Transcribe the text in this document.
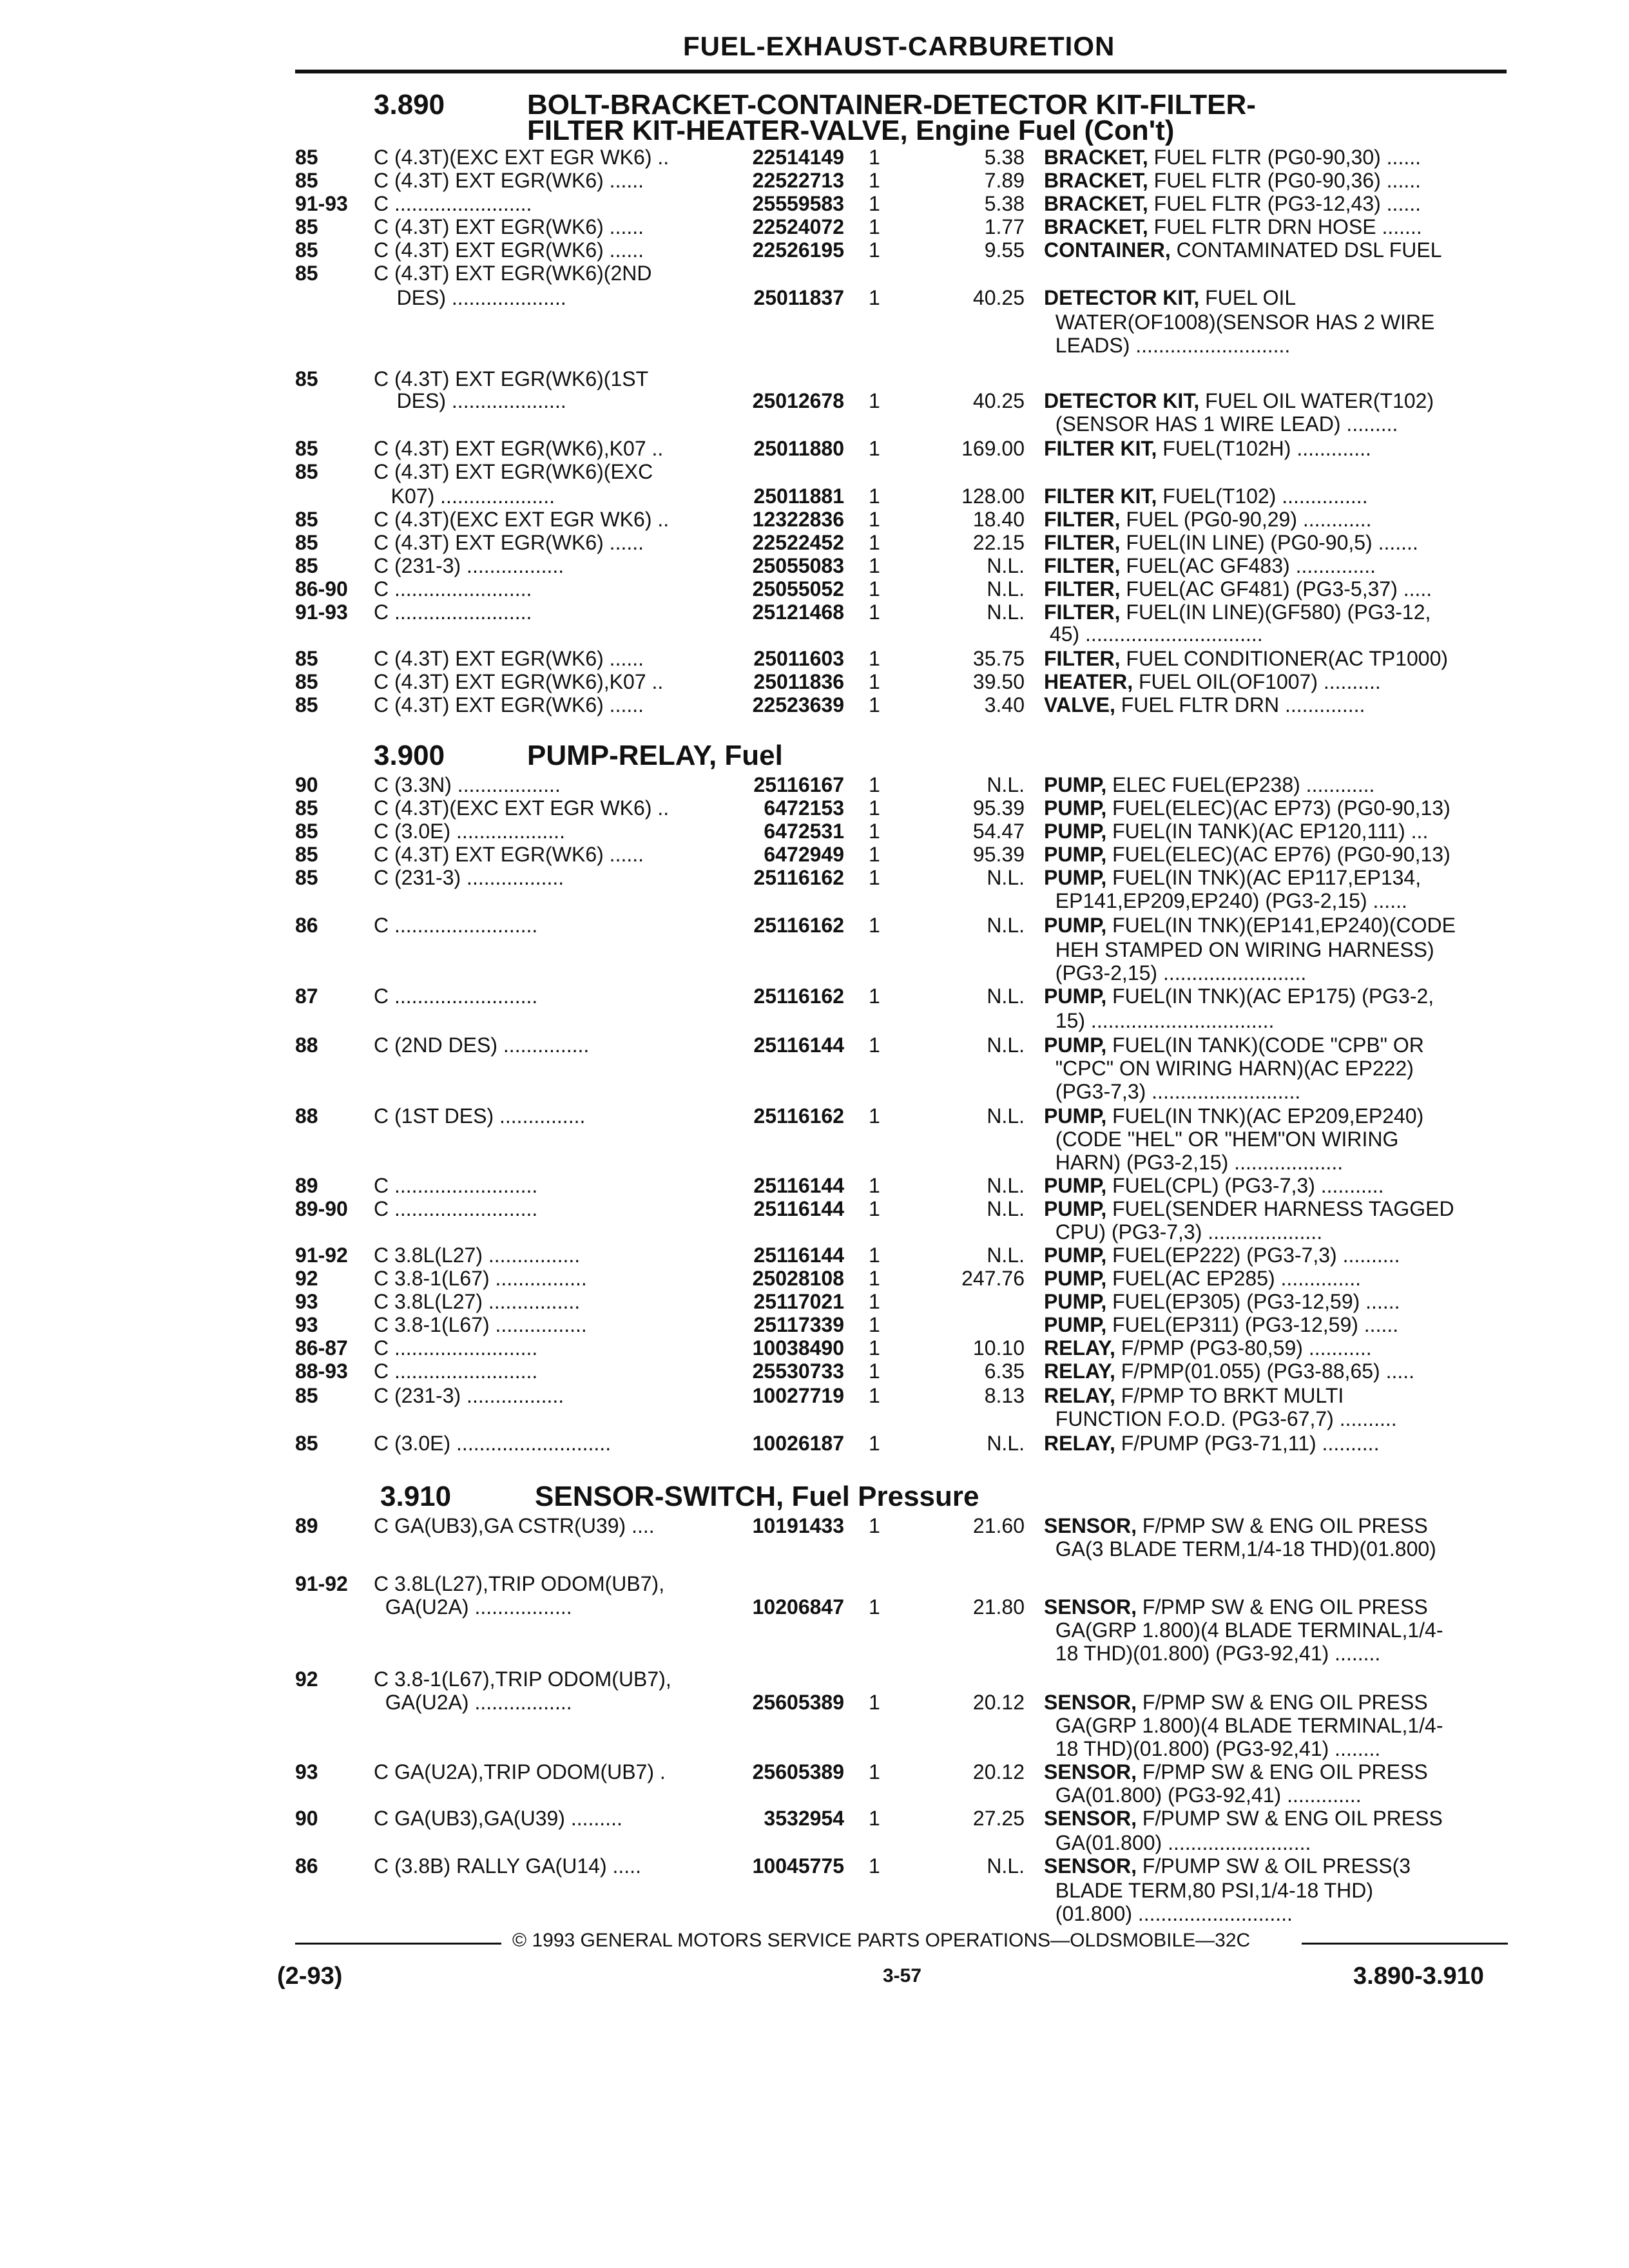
FUEL-EXHAUST-CARBURETION
3.890	BOLT-BRACKET-CONTAINER-DETECTOR KIT-FILTER-
FILTER KIT-HEATER-VALVE, Engine Fuel (Con't)
3.900	PUMP-RELAY, Fuel
3.910	SENSOR-SWITCH, Fuel Pressure
85	C (4.3T)(EXC EXT EGR WK6) ..	22514149 1	5.38 BRACKET, FUEL FLTR (PG0-90,30) ......
85	C (4.3T) EXT EGR(WK6) ......	22522713 1	7.89 BRACKET, FUEL FLTR (PG0-90,36) ......
91-93 C ........................	25559583 1	5.38 BRACKET, FUEL FLTR (PG3-12,43) ......
85	C (4.3T) EXT EGR(WK6) ......	22524072 1	1.77 BRACKET, FUEL FLTR DRN HOSE .......
85	C (4.3T) EXT EGR(WK6) ......	22526195 1	9.55 CONTAINER, CONTAMINATED DSL FUEL
85	C (4.3T) EXT EGR(WK6)(2ND
DES) ....................	25011837 1	40.25 DETECTOR KIT, FUEL OIL
WATER(OF1008)(SENSOR HAS 2 WIRE
LEADS) ...........................
85	C (4.3T) EXT EGR(WK6)(1ST
DES) ....................	25012678 1	40.25 DETECTOR KIT, FUEL OIL WATER(T102)
(SENSOR HAS 1 WIRE LEAD) .........
85	C (4.3T) EXT EGR(WK6),K07 ..	25011880 1	169.00 FILTER KIT, FUEL(T102H) .............
85	C (4.3T) EXT EGR(WK6)(EXC
K07) ....................	25011881 1	128.00 FILTER KIT, FUEL(T102) ...............
85	C (4.3T)(EXC EXT EGR WK6) ..	12322836 1	18.40 FILTER, FUEL (PG0-90,29) ............
85	C (4.3T) EXT EGR(WK6) ......	22522452 1	22.15 FILTER, FUEL(IN LINE) (PG0-90,5) .......
85	C (231-3) .................	25055083 1	N.L. FILTER, FUEL(AC GF483) ..............
86-90 C ........................	25055052 1	N.L. FILTER, FUEL(AC GF481) (PG3-5,37) .....
91-93 C ........................	25121468 1	N.L. FILTER, FUEL(IN LINE)(GF580) (PG3-12,
45) ...............................
85	C (4.3T) EXT EGR(WK6) ......	25011603 1	35.75 FILTER, FUEL CONDITIONER(AC TP1000)
85	C (4.3T) EXT EGR(WK6),K07 ..	25011836 1	39.50 HEATER, FUEL OIL(OF1007) ..........
85	C (4.3T) EXT EGR(WK6) ......	22523639 1	3.40 VALVE, FUEL FLTR DRN ..............
90	C (3.3N) ..................	25116167 1	N.L. PUMP, ELEC FUEL(EP238) ............
85	C (4.3T)(EXC EXT EGR WK6) ..	6472153 1	95.39 PUMP, FUEL(ELEC)(AC EP73) (PG0-90,13)
85	C (3.0E) ...................	6472531 1	54.47 PUMP, FUEL(IN TANK)(AC EP120,111) ...
85	C (4.3T) EXT EGR(WK6) ......	6472949 1	95.39 PUMP, FUEL(ELEC)(AC EP76) (PG0-90,13)
85	C (231-3) .................	25116162 1	N.L. PUMP, FUEL(IN TNK)(AC EP117,EP134,
EP141,EP209,EP240) (PG3-2,15) ......
86	C .........................	25116162 1	N.L. PUMP, FUEL(IN TNK)(EP141,EP240)(CODE
HEH STAMPED ON WIRING HARNESS)
(PG3-2,15) .........................
87	C .........................	25116162 1	N.L. PUMP, FUEL(IN TNK)(AC EP175) (PG3-2,
15) ................................
88	C (2ND DES) ...............	25116144 1	N.L. PUMP, FUEL(IN TANK)(CODE "CPB" OR
"CPC" ON WIRING HARN)(AC EP222)
(PG3-7,3) ..........................
88	C (1ST DES) ...............	25116162 1	N.L. PUMP, FUEL(IN TNK)(AC EP209,EP240)
(CODE "HEL" OR "HEM"ON WIRING
HARN) (PG3-2,15) ...................
89	C .........................	25116144 1	N.L. PUMP, FUEL(CPL) (PG3-7,3) ...........
89-90 C .........................	25116144 1	N.L. PUMP, FUEL(SENDER HARNESS TAGGED
CPU) (PG3-7,3) ....................
91-92 C 3.8L(L27) ................	25116144 1	N.L. PUMP, FUEL(EP222) (PG3-7,3) ..........
92	C 3.8-1(L67) ................	25028108 1	247.76 PUMP, FUEL(AC EP285) ..............
93	C 3.8L(L27) ................	25117021 1	PUMP, FUEL(EP305) (PG3-12,59) ......
93	C 3.8-1(L67) ................	25117339 1	PUMP, FUEL(EP311) (PG3-12,59) ......
86-87 C .........................	10038490 1	10.10 RELAY, F/PMP (PG3-80,59) ...........
88-93 C .........................	25530733 1	6.35 RELAY, F/PMP(01.055) (PG3-88,65) .....
85	C (231-3) .................	10027719 1	8.13 RELAY, F/PMP TO BRKT MULTI
FUNCTION F.O.D. (PG3-67,7) ..........
85	C (3.0E) ...........................	10026187 1	N.L. RELAY, F/PUMP (PG3-71,11) ..........
89	C GA(UB3),GA CSTR(U39) ....	10191433 1	21.60 SENSOR, F/PMP SW & ENG OIL PRESS
GA(3 BLADE TERM,1/4-18 THD)(01.800)
91-92 C 3.8L(L27),TRIP ODOM(UB7),
GA(U2A) .................	10206847 1	21.80 SENSOR, F/PMP SW & ENG OIL PRESS
GA(GRP 1.800)(4 BLADE TERMINAL,1/4-
18 THD)(01.800) (PG3-92,41) ........
92	C 3.8-1(L67),TRIP ODOM(UB7),
GA(U2A) .................	25605389 1	20.12 SENSOR, F/PMP SW & ENG OIL PRESS
GA(GRP 1.800)(4 BLADE TERMINAL,1/4-
18 THD)(01.800) (PG3-92,41) ........
93	C GA(U2A),TRIP ODOM(UB7) .	25605389 1	20.12 SENSOR, F/PMP SW & ENG OIL PRESS
GA(01.800) (PG3-92,41) .............
90	C GA(UB3),GA(U39) .........	3532954 1	27.25 SENSOR, F/PUMP SW & ENG OIL PRESS
GA(01.800) .........................
86	C (3.8B) RALLY GA(U14) .....	10045775 1	N.L. SENSOR, F/PUMP SW & OIL PRESS(3
BLADE TERM,80 PSI,1/4-18 THD)
(01.800) ...........................
© 1993 GENERAL MOTORS SERVICE PARTS OPERATIONS—OLDSMOBILE—32C
(2-93)	3-57	3.890-3.910
